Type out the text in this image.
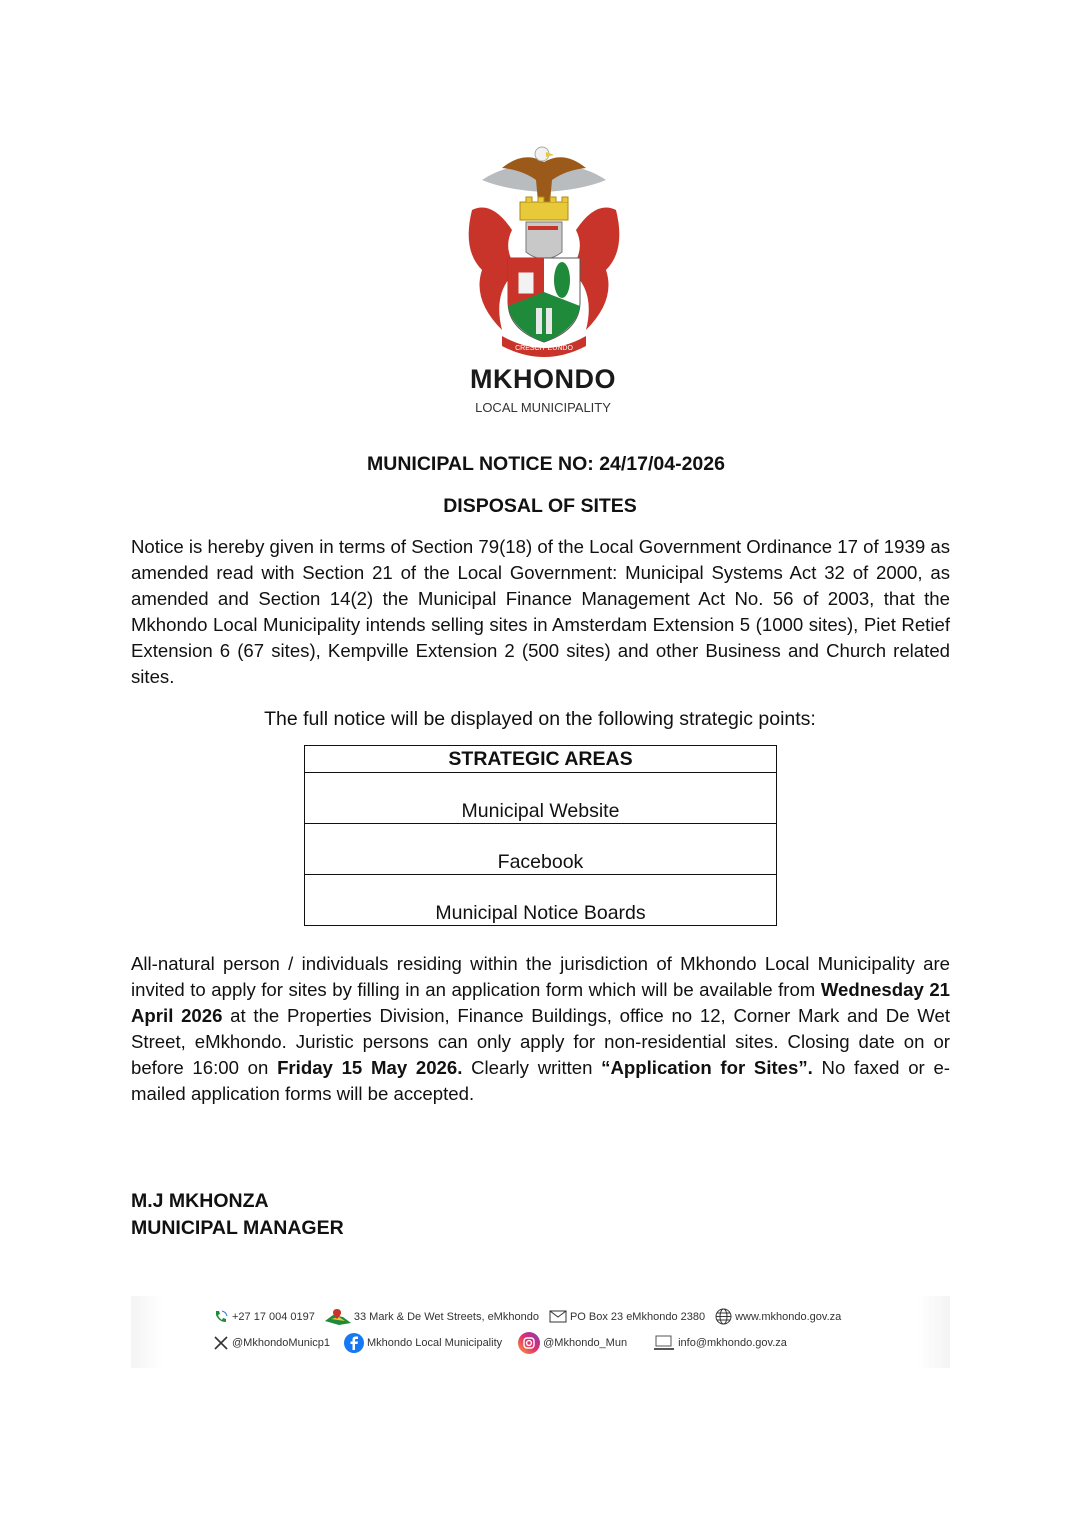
CRESCIT EUNDO
MKHONDO
LOCAL MUNICIPALITY
MUNICIPAL NOTICE NO: 24/17/04-2026
DISPOSAL OF SITES

Notice is hereby given in terms of Section 79(18) of the Local Government Ordinance 17 of 1939 as amended read with Section 21 of the Local Government: Municipal Systems Act 32 of 2000, as amended and Section 14(2) the Municipal Finance Management Act No. 56 of 2003, that the Mkhondo Local Municipality intends selling sites in Amsterdam Extension 5 (1000 sites), Piet Retief Extension 6 (67 sites), Kempville Extension 2 (500 sites) and other Business and Church related sites.

The full notice will be displayed on the following strategic points:
STRATEGIC AREAS
Municipal Website
Facebook
Municipal Notice Boards

All-natural person / individuals residing within the jurisdiction of Mkhondo Local Municipality are invited to apply for sites by filling in an application form which will be available from Wednesday 21 April 2026 at the Properties Division, Finance Buildings, office no 12, Corner Mark and De Wet Street, eMkhondo. Juristic persons can only apply for non-residential sites. Closing date on or before 16:00 on Friday 15 May 2026. Clearly written “Application for Sites”. No faxed or e-mailed application forms will be accepted.

M.J MKHONZA
MUNICIPAL MANAGER
+27 17 004 0197	33 Mark & De Wet Streets, eMkhondo	PO Box 23 eMkhondo 2380	www.mkhondo.gov.za
@MkhondoMunicp1	Mkhondo Local Municipality	@Mkhondo_Mun	info@mkhondo.gov.za
